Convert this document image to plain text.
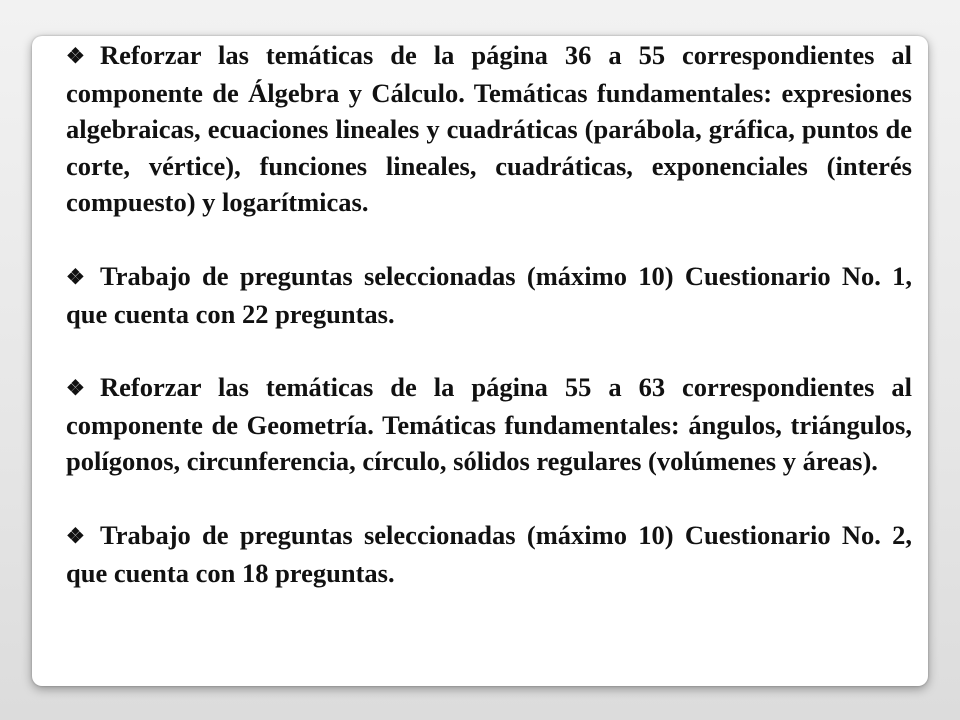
❖ Reforzar las temáticas de la página 36 a 55 correspondientes al componente de Álgebra y Cálculo. Temáticas fundamentales: expresiones algebraicas, ecuaciones lineales y cuadráticas (parábola, gráfica, puntos de corte, vértice), funciones lineales, cuadráticas, exponenciales (interés compuesto) y logarítmicas.

❖ Trabajo de preguntas seleccionadas (máximo 10) Cuestionario No. 1, que cuenta con 22 preguntas.

❖ Reforzar las temáticas de la página 55 a 63 correspondientes al componente de Geometría. Temáticas fundamentales: ángulos, triángulos, polígonos, circunferencia, círculo, sólidos regulares (volúmenes y áreas).

❖ Trabajo de preguntas seleccionadas (máximo 10) Cuestionario No. 2, que cuenta con 18 preguntas.
